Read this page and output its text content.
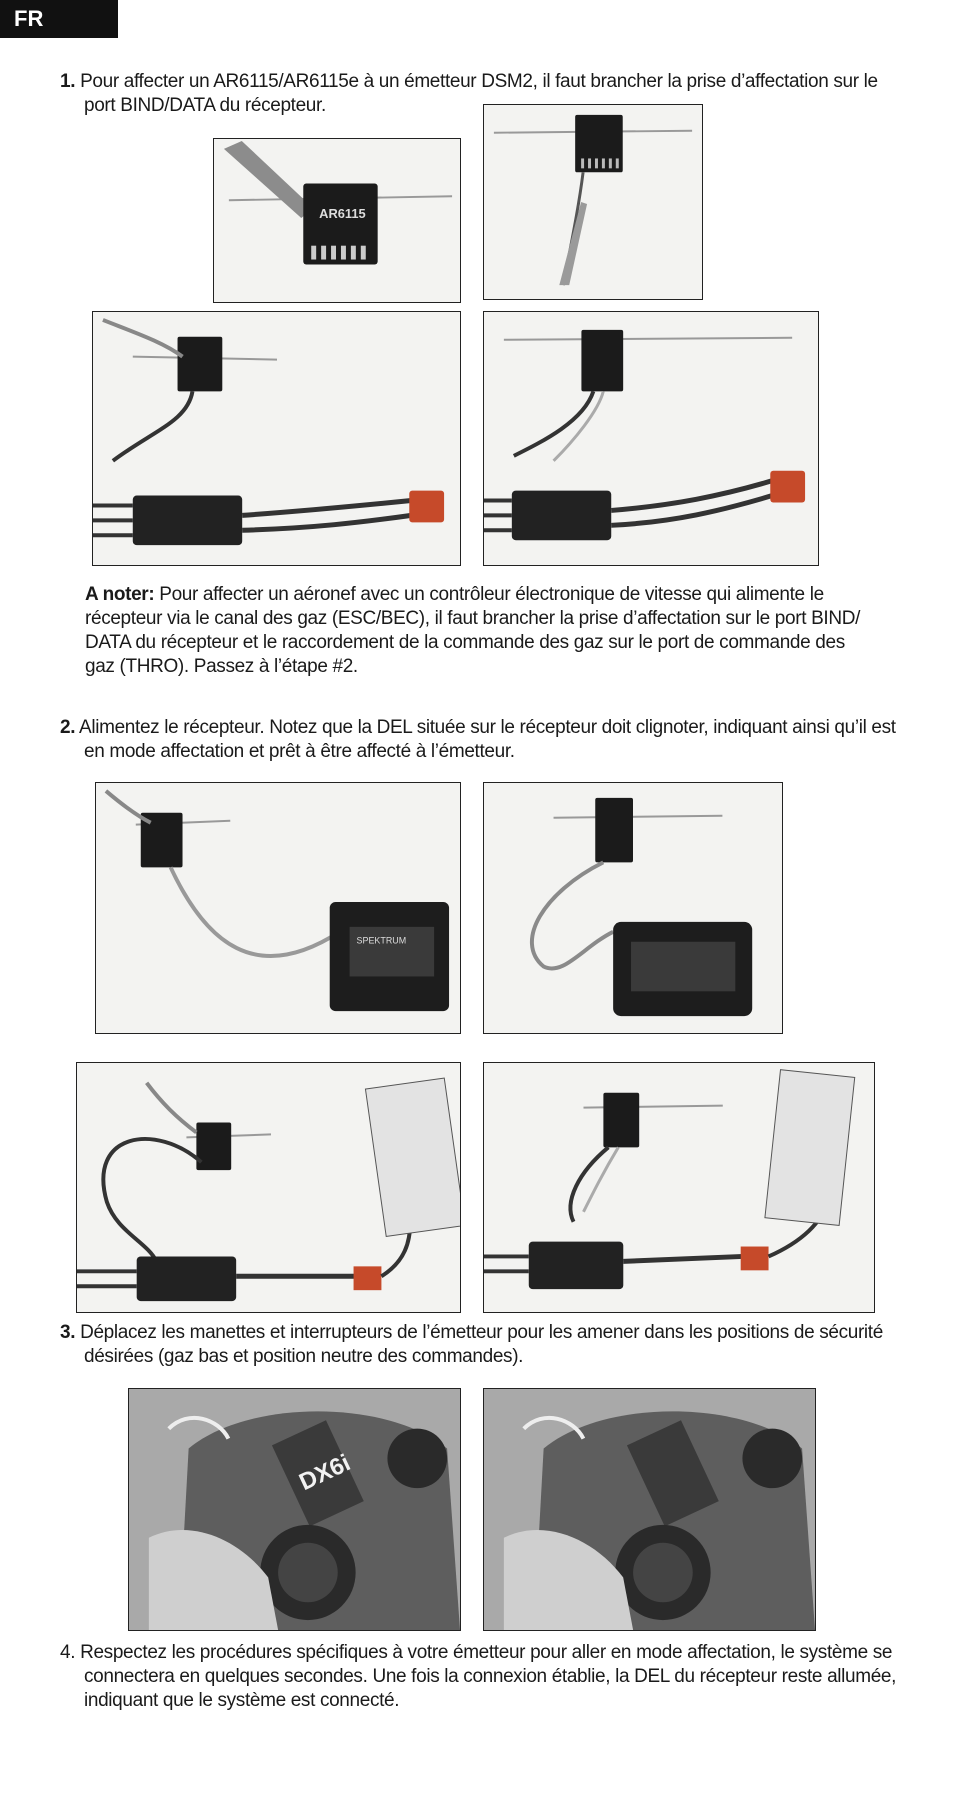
FR
1. Pour affecter un AR6115/AR6115e à un émetteur DSM2, il faut brancher la prise d’affectation sur le port BIND/DATA du récepteur.
AR6115
A noter: Pour affecter un aéronef avec un contrôleur électronique de vitesse qui alimente le récepteur via le canal des gaz (ESC/BEC), il faut brancher la prise d’affectation sur le port BIND/ DATA du récepteur et le raccordement de la commande des gaz sur le port de commande des gaz (THRO). Passez à l’étape #2.
2. Alimentez le récepteur. Notez que la DEL située sur le récepteur doit clignoter, indiquant ainsi qu’il est en mode affectation et prêt à être affecté à l’émetteur.
SPEKTRUM
3. Déplacez les manettes et interrupteurs de l’émetteur pour les amener dans les positions de sécurité désirées (gaz bas et position neutre des commandes).
DX6i
4. Respectez les procédures spécifiques à votre émetteur pour aller en mode affectation, le système se connectera en quelques secondes. Une fois la connexion établie, la DEL du récepteur reste allumée, indiquant que le système est connecté.
